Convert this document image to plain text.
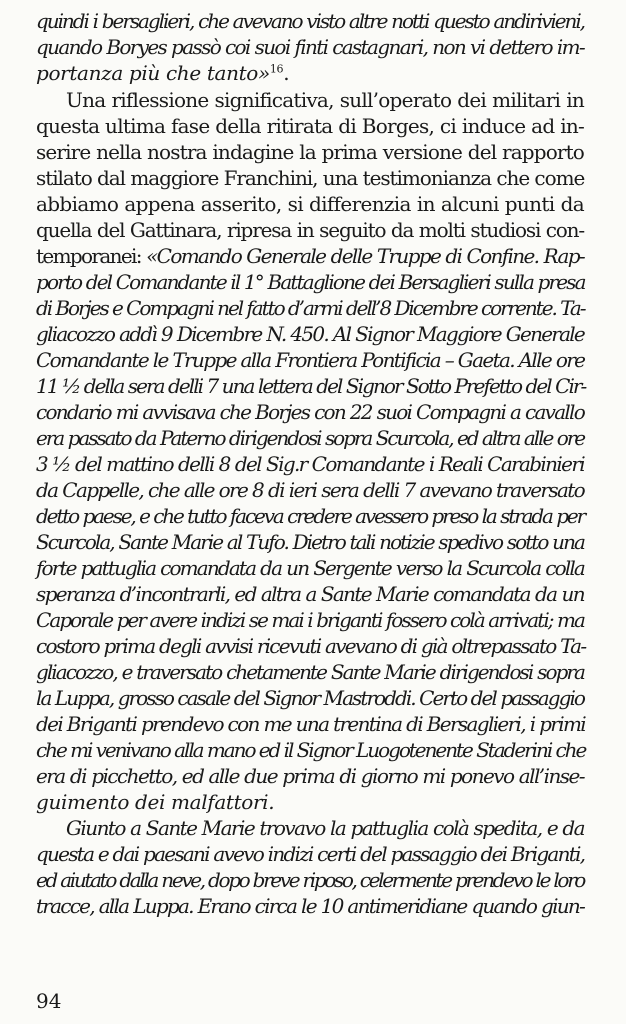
quindi i bersaglieri, che avevano visto altre notti questo andirivieni,
quando Boryes passò coi suoi finti castagnari, non vi dettero im-
portanza più che tanto»$^{16}$.
Una riflessione significativa, sull’operato dei militari in
questa ultima fase della ritirata di Borges, ci induce ad in-
serire nella nostra indagine la prima versione del rapporto
stilato dal maggiore Franchini, una testimonianza che come
abbiamo appena asserito, si differenzia in alcuni punti da
quella del Gattinara, ripresa in seguito da molti studiosi con-
temporanei: «Comando Generale delle Truppe di Confine. Rap-
porto del Comandante il 1° Battaglione dei Bersaglieri sulla presa
di Borjes e Compagni nel fatto d’armi dell’8 Dicembre corrente. Ta-
gliacozzo addì 9 Dicembre N. 450. Al Signor Maggiore Generale
Comandante le Truppe alla Frontiera Pontificia – Gaeta. Alle ore
11 ½ della sera delli 7 una lettera del Signor Sotto Prefetto del Cir-
condario mi avvisava che Borjes con 22 suoi Compagni a cavallo
era passato da Paterno dirigendosi sopra Scurcola, ed altra alle ore
3 ½ del mattino delli 8 del Sig.r Comandante i Reali Carabinieri
da Cappelle, che alle ore 8 di ieri sera delli 7 avevano traversato
detto paese, e che tutto faceva credere avessero preso la strada per
Scurcola, Sante Marie al Tufo. Dietro tali notizie spedivo sotto una
forte pattuglia comandata da un Sergente verso la Scurcola colla
speranza d’incontrarli, ed altra a Sante Marie comandata da un
Caporale per avere indizi se mai i briganti fossero colà arrivati; ma
costoro prima degli avvisi ricevuti avevano di già oltrepassato Ta-
gliacozzo, e traversato chetamente Sante Marie dirigendosi sopra
la Luppa, grosso casale del Signor Mastroddi. Certo del passaggio
dei Briganti prendevo con me una trentina di Bersaglieri, i primi
che mi venivano alla mano ed il Signor Luogotenente Staderini che
era di picchetto, ed alle due prima di giorno mi ponevo all’inse-
guimento dei malfattori.
Giunto a Sante Marie trovavo la pattuglia colà spedita, e da
questa e dai paesani avevo indizi certi del passaggio dei Briganti,
ed aiutato dalla neve, dopo breve riposo, celermente prendevo le loro
tracce, alla Luppa. Erano circa le 10 antimeridiane quando giun-
94
